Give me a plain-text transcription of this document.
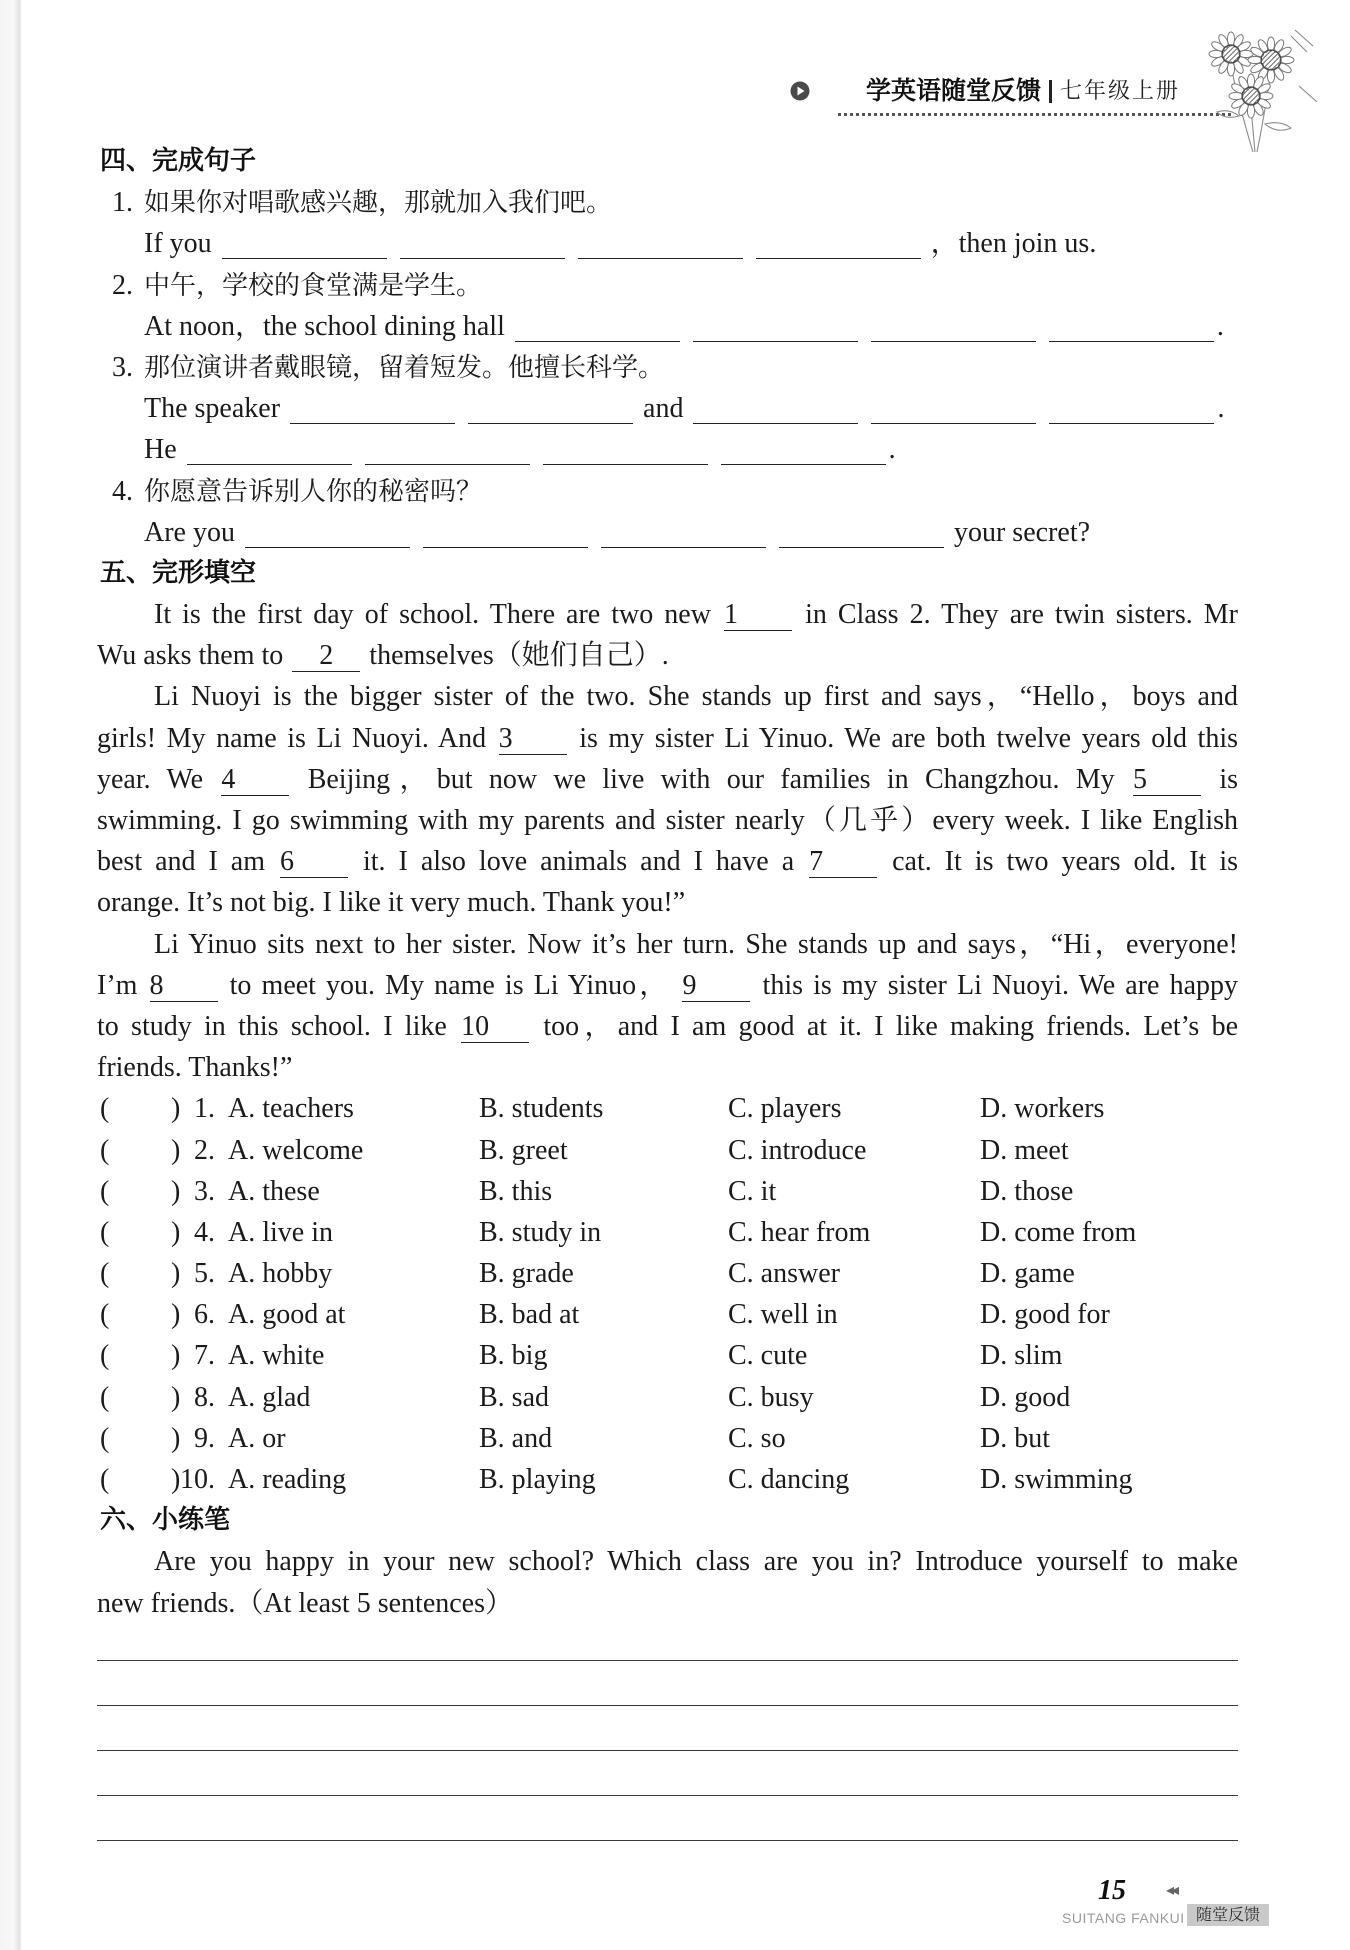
学英语随堂反馈 七年级上册
四、完成句子
1. 如果你对唱歌感兴趣，那就加入我们吧。
If you	，then join us.
2. 中午，学校的食堂满是学生。
At noon，the school dining hall	.
3. 那位演讲者戴眼镜，留着短发。他擅长科学。
The speaker	and	.
He	.
4. 你愿意告诉别人你的秘密吗？
Are you	your secret?
五、完形填空
It is the first day of school. There are two new 1 in Class 2. They are twin sisters. Mr
Wu asks them to 2 themselves（她们自己）.
Li Nuoyi is the bigger sister of the two. She stands up first and says，“Hello，boys and
girls! My name is Li Nuoyi. And 3 is my sister Li Yinuo. We are both twelve years old this
year. We 4	Beijing，but now we live with our families in Changzhou. My 5	is
swimming. I go swimming with my parents and sister nearly（几乎）every week. I like English
best and I am 6 it. I also love animals and I have a 7 cat. It is two years old. It is
orange. It’s not big. I like it very much. Thank you!”
Li Yinuo sits next to her sister. Now it’s her turn. She stands up and says，“Hi，everyone!
I’m 8 to meet you. My name is Li Yinuo， 9 this is my sister Li Nuoyi. We are happy
to study in this school. I like 10 too，and I am good at it. I like making friends. Let’s be
friends. Thanks!”
( ) 1. A. teachers	B. students	C. players	D. workers
( ) 2. A. welcome	B. greet	C. introduce	D. meet
( ) 3. A. these	B. this	C. it	D. those
( ) 4. A. live in	B. study in	C. hear from	D. come from
( ) 5. A. hobby	B. grade	C. answer	D. game
( ) 6. A. good at	B. bad at	C. well in	D. good for
( ) 7. A. white	B. big	C. cute	D. slim
( ) 8. A. glad	B. sad	C. busy	D. good
( ) 9. A. or	B. and	C. so	D. but
( ) 10. A. reading	B. playing	C. dancing	D. swimming
六、小练笔
Are you happy in your new school? Which class are you in? Introduce yourself to make
new friends.（At least 5 sentences）
15	◂◂
SUITANG FANKUI 随堂反馈
